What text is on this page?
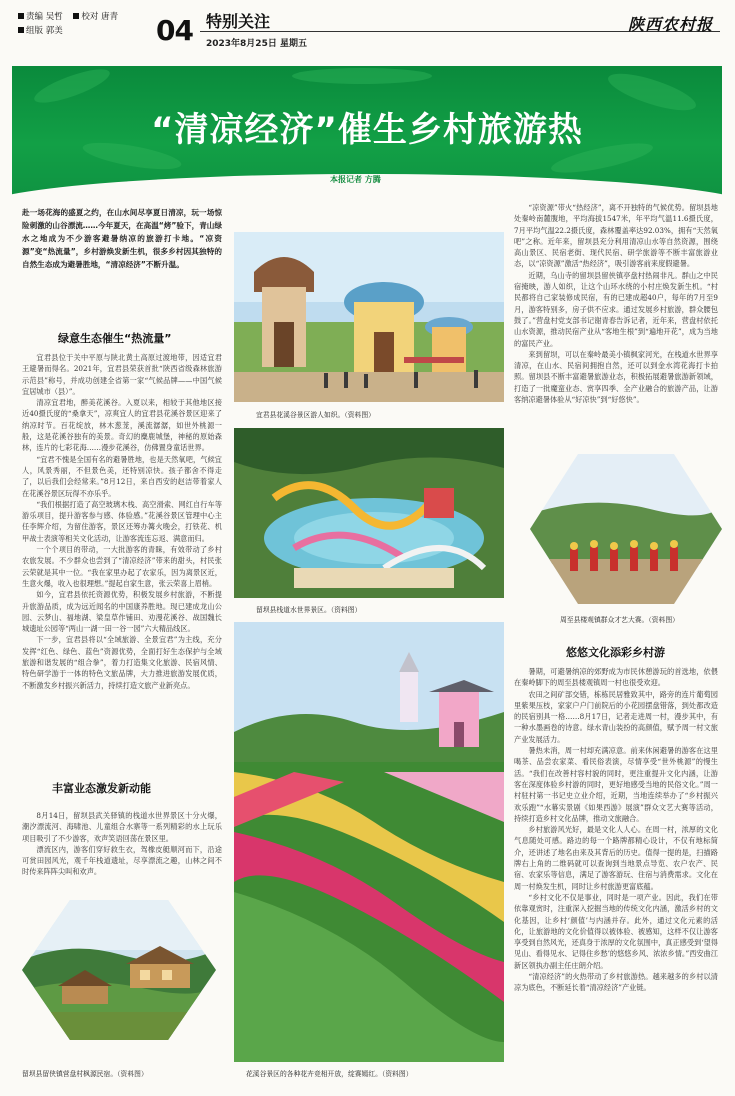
责编 吴哲 校对 唐青
组版 郭美	04 特别关注
2023年8月25日 星期五
陕西农村报
“清凉经济”催生乡村旅游热
本报记者 方腾
赴一场花海的盛夏之约，在山水间尽享夏日清凉，玩一场惊险刺激的山谷漂流……今年夏天，在高温“烤”验下，青山绿水之地成为不少游客避暑纳凉的旅游打卡地。“凉资源”变“热流量”，乡村游焕发新生机，很多乡村因其独特的自然生态成为避暑胜地，“清凉经济”不断升温。
绿意生态催生“热流量”

宜君县位于关中平原与陕北黄土高原过渡地带，因适宜君王避暑而得名。2021年，宜君县荣获首批“陕西省级森林旅游示范县”称号，并成功创建全省第一家“气候品牌——中国气候宜居城市（县）”。

清凉宜君地，醉美花溪谷。入夏以来，相较于其他地区接近40摄氏度的“桑拿天”，凉爽宜人的宜君县花溪谷景区迎来了纳凉时节。百花绽放，林木葱茏，溪流潺潺，如世外桃源一般，这是花溪谷独有的美景。奇幻的麋鹿城堡，神秘的原始森林，连片的七彩花海……漫步花溪谷，仿佛置身童话世界。

“宜君不愧是全国有名的避暑胜地，也是天然氧吧，气候宜人，风景秀丽，不但景色美，还特别凉快。孩子都舍不得走了，以后我们会经常来。”8月12日，来自西安的赵洁带着家人在花溪谷景区玩得不亦乐乎。

“我们根据打造了高空玻璃木栈、高空滑索、网红自行车等游乐项目，提升游客参与感、体验感。”花溪谷景区管理中心主任李辉介绍，为留住游客，景区还筹办篝火晚会，打铁花、机甲战士表演等相关文化活动，让游客流连忘返、满意而归。

一个个项目的带动，一大批游客的青睐，有效带动了乡村农旅发展。不少群众也尝到了“清凉经济”带来的甜头，村民张云荣就是其中一位。“我在家里办起了农家乐，因为离景区近，生意火爆，收入也很理想。”提起自家生意，张云荣喜上眉梢。

如今，宜君县依托资源优势，积极发展乡村旅游，不断提升旅游品质，成为远近闻名的中国康养胜地。现已建成龙山公园、云梦山、福地湖、梁皇草作铺田、劝漫花溪谷、战国魏长城遗址公园等“两山一湖一田一谷一园”六大精品线区。

下一步，宜君县将以“全域旅游、全景宜君”为主线，充分发挥“红色、绿色、蓝色”资源优势，全面打好生态保护与全域旅游和谐发展的“组合拳”，着力打造集文化旅游、民宿风情、特色研学游于一体的特色文旅品牌，大力推进旅游发展优质，不断激发乡村振兴新活力，持续打造文旅产业新亮点。

丰富业态激发新动能

8月14日，留坝县武关驿镇的栈道水世界景区十分火爆，潮汐漂流河、海啸池、儿童组合水寨等一系列精彩的水上玩乐项目吸引了不少游客，欢声笑语回荡在景区里。

漂流区内，游客们穿好救生衣，驾橡皮艇顺河而下，沿途可赏田园风光，观千年栈道遗址，尽享漂流之趣，山林之间不时传来阵阵尖叫和欢声。

留坝县留侠镇营盘村枫源民宿。（资料图）
宜君县花溪谷景区游人如织。（资料图）
留坝县栈道水世界景区。（资料图）
花溪谷景区的各种花卉竞相开放，绽赛嫣红。（资料图）

“凉资源”带火“热经济”，离不开独特的气候优势。留坝县地处秦岭南麓腹地，平均海拔1547米，年平均气温11.6摄氏度，7月平均气温22.2摄氏度，森林覆盖率达92.03%，拥有“天然氧吧”之称。近年来，留坝县充分利用清凉山水等自然资源，围绕高山景区、民宿老街、现代民宿、研学旅游等不断丰富旅游业态，以“凉资源”激活“热经济”，吸引游客前来度假避暑。

近期，乌山寺的留坝县留侠镇亭盘村热闹非凡。群山之中民宿掩映，游人如织，让这个山环水绕的小村庄焕发新生机。“村民都将自己家装修成民宿，有的已建成超40户，每年的7月至9月，游客特别多，房子供不应求。通过发展乡村旅游，群众腰包鼓了。”营盘村党支部书记谢青春告诉记者，近年来，营盘村依托山水资源，推动民宿产业从“客地生根”到“遍地开花”，成为当地的富民产业。

来到留坝，可以在秦岭最美小镇枫家河光，在栈道水世界享清凉，在山水、民宿间拥抱自然，还可以到金水湾花海打卡拍照。留坝县不断丰富避暑旅游业态，积极拓展避暑旅游新领域，打造了一批魔蛮业态、赏享四季、全产业融合的旅游产品，让游客纳凉避暑体验从“好凉快”到“好悠快”。

周至县楼观镇群众才艺大赛。（资料图）
悠悠文化添彩乡村游

暑期，可避暑纳凉的郊野成为市民休憩游玩的首选地，依偎在秦岭脚下的周至县楼观镇周一村也很受欢迎。

农田之间矿部交错，栋栋民居雅致其中，路旁的连片葡萄园里紫果压枝，家家户户门前院后的小花园摆盘错落，到处都改造的民宿别具一格……8月17日，记者走进周一村，漫步其中，有一种水墨画卷的诗意。绿水青山装扮的高颜值，赋予周一村文旅产业发展活力。

暑热未消，周一村却充满凉意。前来休闲避暑的游客在这里喝茶、品尝农家菜、看民俗表演，尽情享受“世外桃源”的慢生活。“我们在改善村容村貌的同时，更注重提升文化内涵，让游客在深度体验乡村游的同时，更好地感受当地的民俗文化。”周一村驻村第一书记史立业介绍，近期，当地连续举办了“乡村振兴欢乐跑”“水幕实景剧《如果西游》展演”群众文艺大赛等活动，持续打造乡村文化品牌，推动文旅融合。

乡村旅游风光好，最是文化人人心。在周一村，浓厚的文化气息随处可感。路边的每一个路牌都精心设计，不仅有地标简介，还讲述了地名由来及其背后的历史。值得一提的是，扫描路牌右上角的二维码就可以查询到当地景点导览、农户农产、民宿、农家乐等信息，满足了游客游玩、住宿与消费需求。文化在周一村焕发生机，同时让乡村旅游更富底蕴。

“乡村文化不仅是事业，同时是一项产业。因此，我们在带依靠观赏时，注重深入挖掘当地的传统文化内涵，激活乡村的文化基因，让乡村‘颜值’与内涵并存。此外，通过文化元素的活化，让旅游地的文化价值得以被体验、被感知，这样不仅让游客享受到自然风光，还真身于浓厚的文化氛围中，真正感受到‘望得见山、看得见水、记得住乡愁’的悠悠乡风、浓浓乡情。”西安曲江新区领执办副主任庄朗介绍。

“清凉经济”的火热带动了乡村旅游热。越来越多的乡村以清凉为底色，不断延长着“清凉经济”产业链。
